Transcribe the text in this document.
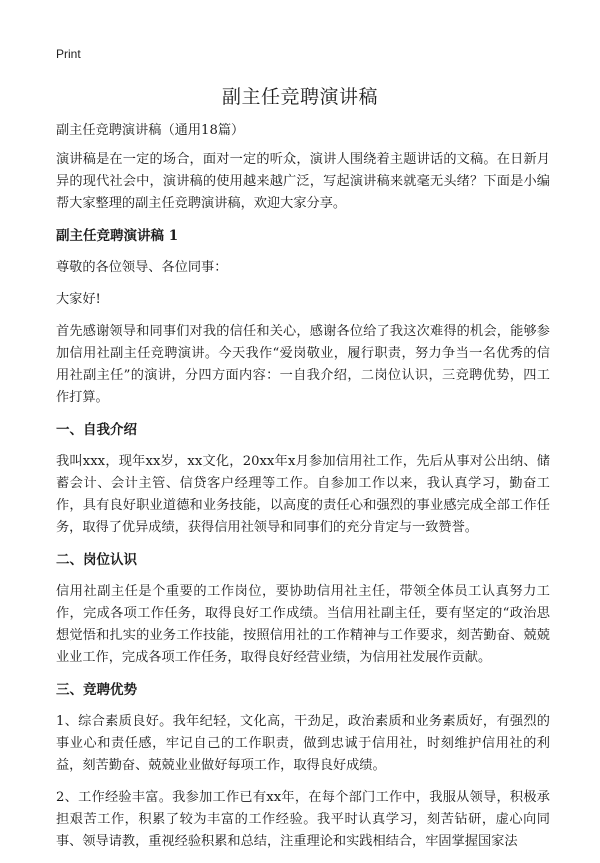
Print
副主任竞聘演讲稿

副主任竞聘演讲稿（通用18篇）

演讲稿是在一定的场合，面对一定的听众，演讲人围绕着主题讲话的文稿。在日新月异的现代社会中，演讲稿的使用越来越广泛，写起演讲稿来就毫无头绪？下面是小编帮大家整理的副主任竞聘演讲稿，欢迎大家分享。

副主任竞聘演讲稿 1

尊敬的各位领导、各位同事：

大家好!

首先感谢领导和同事们对我的信任和关心，感谢各位给了我这次难得的机会，能够参加信用社副主任竞聘演讲。今天我作“爱岗敬业，履行职责，努力争当一名优秀的信用社副主任”的演讲，分四方面内容：一自我介绍，二岗位认识，三竞聘优势，四工作打算。

一、自我介绍

我叫xxx，现年xx岁，xx文化，20xx年x月参加信用社工作，先后从事对公出纳、储蓄会计、会计主管、信贷客户经理等工作。自参加工作以来，我认真学习，勤奋工作，具有良好职业道德和业务技能，以高度的责任心和强烈的事业感完成全部工作任务，取得了优异成绩，获得信用社领导和同事们的充分肯定与一致赞誉。

二、岗位认识

信用社副主任是个重要的工作岗位，要协助信用社主任，带领全体员工认真努力工作，完成各项工作任务，取得良好工作成绩。当信用社副主任，要有坚定的“政治思想觉悟和扎实的业务工作技能，按照信用社的工作精神与工作要求，刻苦勤奋、兢兢业业工作，完成各项工作任务，取得良好经营业绩，为信用社发展作贡献。

三、竞聘优势

1、综合素质良好。我年纪轻，文化高，干劲足，政治素质和业务素质好，有强烈的事业心和责任感，牢记自己的工作职责，做到忠诚于信用社，时刻维护信用社的利益，刻苦勤奋、兢兢业业做好每项工作，取得良好成绩。

2、工作经验丰富。我参加工作已有xx年，在每个部门工作中，我服从领导，积极承担艰苦工作，积累了较为丰富的工作经验。我平时认真学习，刻苦钻研，虚心向同事、领导请教，重视经验积累和总结，注重理论和实践相结合，牢固掌握国家法
